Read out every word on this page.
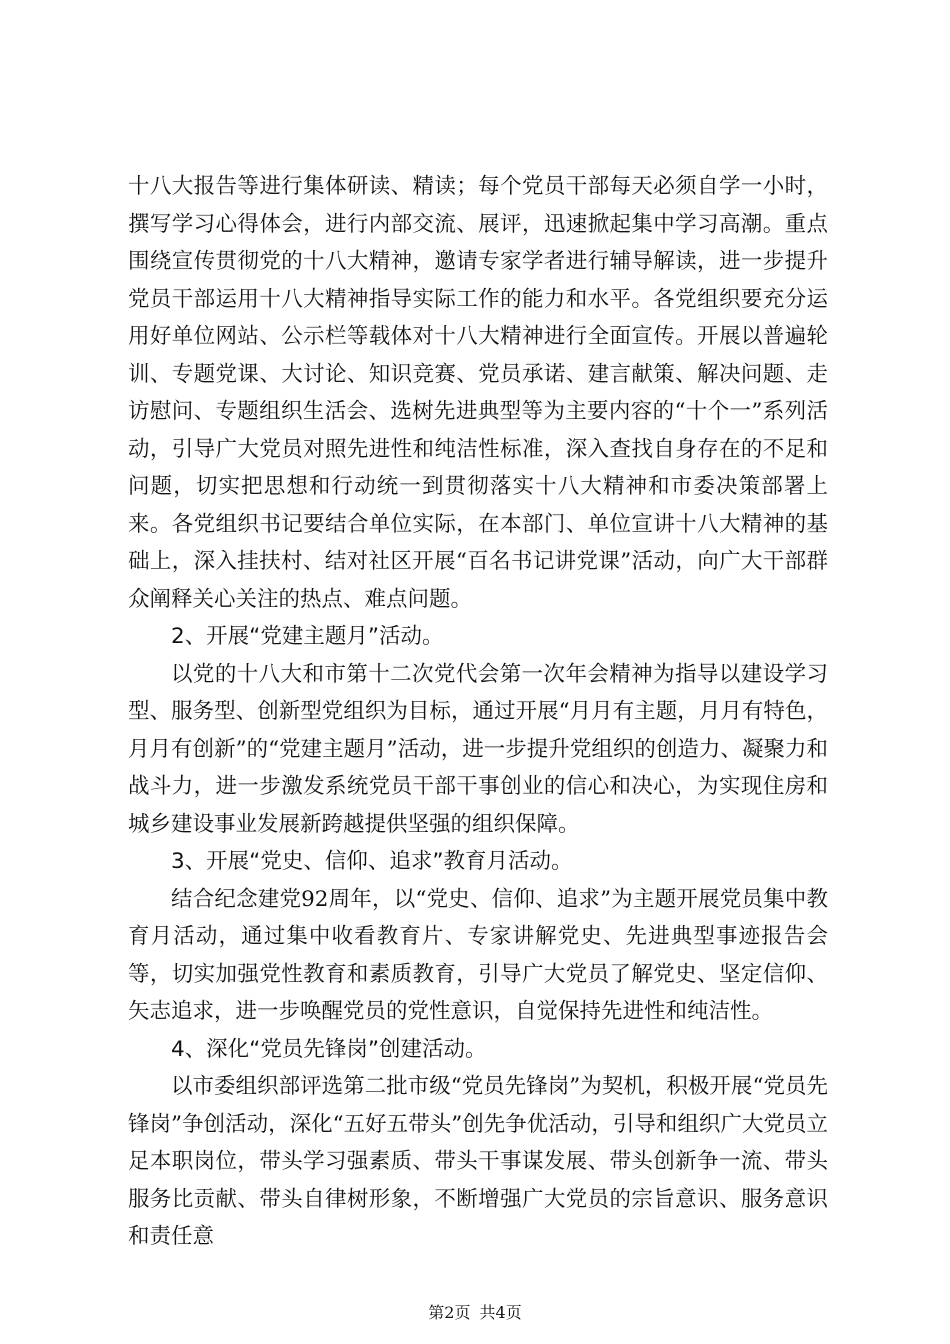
十八大报告等进行集体研读、精读；每个党员干部每天必须自学一小时，撰写学习心得体会，进行内部交流、展评，迅速掀起集中学习高潮。重点围绕宣传贯彻党的十八大精神，邀请专家学者进行辅导解读，进一步提升党员干部运用十八大精神指导实际工作的能力和水平。各党组织要充分运用好单位网站、公示栏等载体对十八大精神进行全面宣传。开展以普遍轮训、专题党课、大讨论、知识竞赛、党员承诺、建言献策、解决问题、走访慰问、专题组织生活会、选树先进典型等为主要内容的“十个一”系列活动，引导广大党员对照先进性和纯洁性标准，深入查找自身存在的不足和问题，切实把思想和行动统一到贯彻落实十八大精神和市委决策部署上来。各党组织书记要结合单位实际，在本部门、单位宣讲十八大精神的基础上，深入挂扶村、结对社区开展“百名书记讲党课”活动，向广大干部群众阐释关心关注的热点、难点问题。

2、开展“党建主题月”活动。

以党的十八大和市第十二次党代会第一次年会精神为指导以建设学习型、服务型、创新型党组织为目标，通过开展“月月有主题，月月有特色，月月有创新”的“党建主题月”活动，进一步提升党组织的创造力、凝聚力和战斗力，进一步激发系统党员干部干事创业的信心和决心，为实现住房和城乡建设事业发展新跨越提供坚强的组织保障。

3、开展“党史、信仰、追求”教育月活动。

结合纪念建党92周年，以“党史、信仰、追求”为主题开展党员集中教育月活动，通过集中收看教育片、专家讲解党史、先进典型事迹报告会等，切实加强党性教育和素质教育，引导广大党员了解党史、坚定信仰、矢志追求，进一步唤醒党员的党性意识，自觉保持先进性和纯洁性。

4、深化“党员先锋岗”创建活动。

以市委组织部评选第二批市级“党员先锋岗”为契机，积极开展“党员先锋岗”争创活动，深化“五好五带头”创先争优活动，引导和组织广大党员立足本职岗位，带头学习强素质、带头干事谋发展、带头创新争一流、带头服务比贡献、带头自律树形象，不断增强广大党员的宗旨意识、服务意识和责任意

第2页 共4页
